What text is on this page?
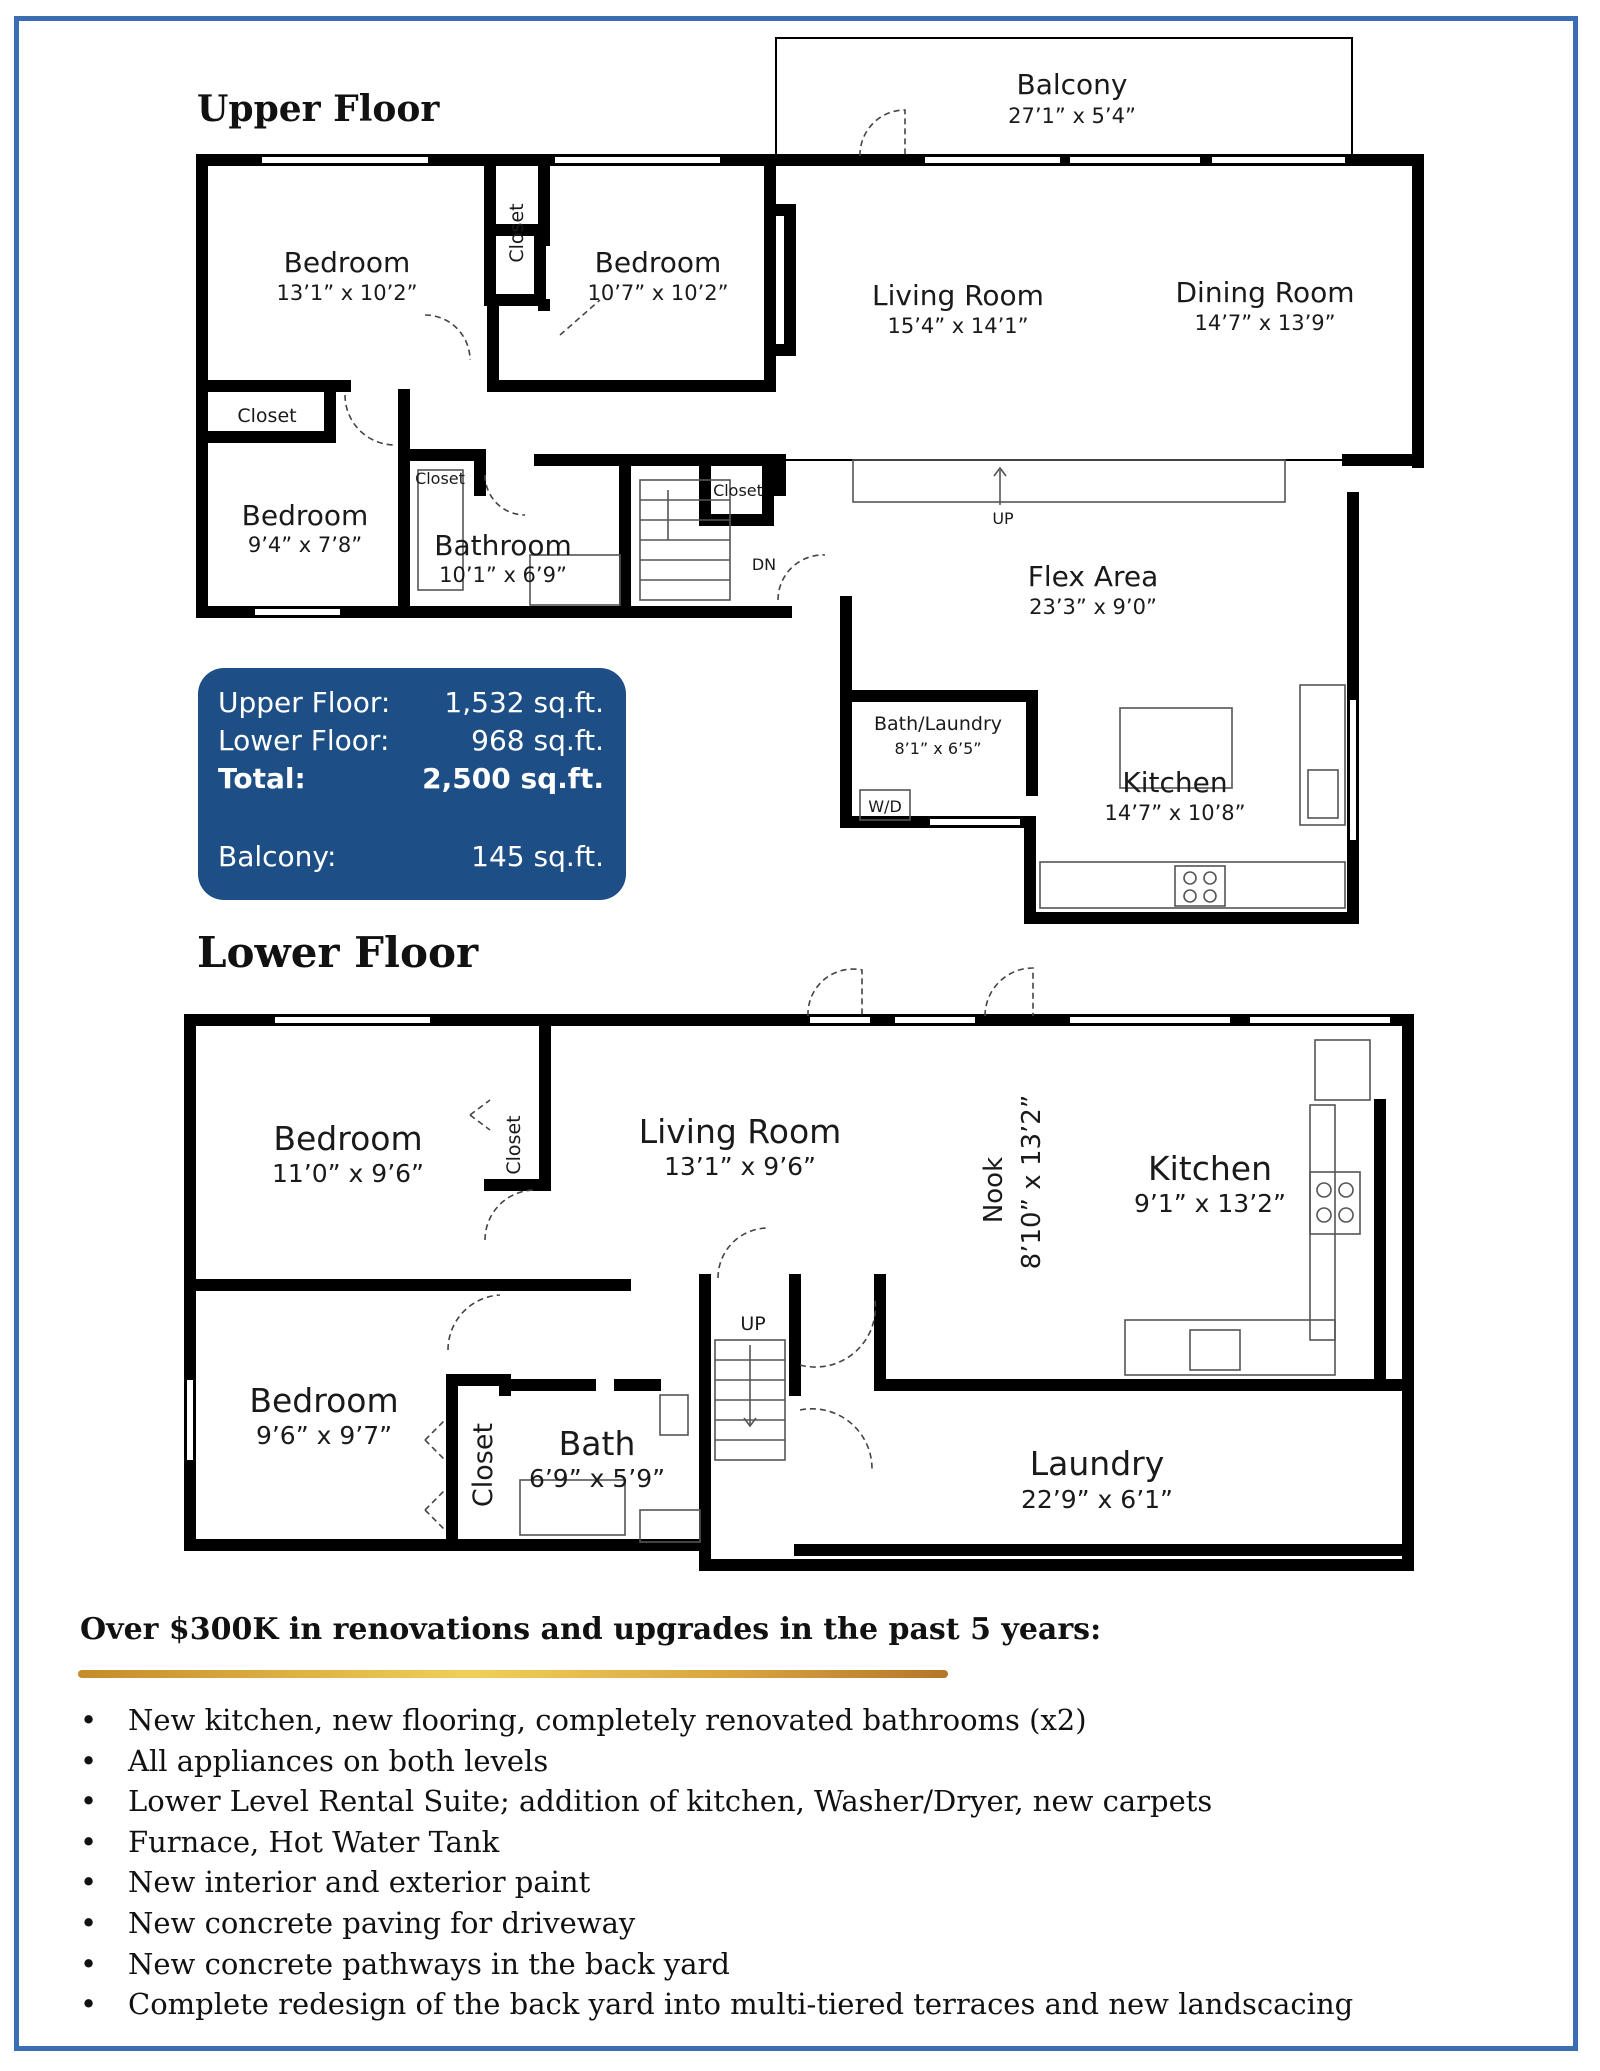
Upper Floor
Lower Floor
Balcony
27’1” x 5’4”
Bedroom
13’1” x 10’2”
Closet Bedroom
10’7” x 10’2”	Living Room
15’4” x 14’1”
Dining Room
14’7” x 13’9”
Closet
Bedroom
9’4” x 7’8”
Closet
Bathroom
10’1” x 6’9”
Closet
DN
UP
Flex Area
23’3” x 9’0”
Bath/Laundry
8’1” x 6’5”
W/D
Kitchen
14’7” x 10’8”
Bedroom
11’0” x 9’6”	Closet	Living Room
13’1” x 9’6”	Nook 8’10” x 13’2”	Kitchen
9’1” x 13’2”
UP
Bedroom
9’6” x 9’7”	Closet Bath
6’9” x 5’9”	Laundry
22’9” x 6’1”
Upper Floor: 1,532 sq.ft.
Lower Floor:	968 sq.ft.
Total:	2,500 sq.ft.
Balcony:	145 sq.ft.
Over $300K in renovations and upgrades in the past 5 years:
• New kitchen, new flooring, completely renovated bathrooms (x2)
• All appliances on both levels
• Lower Level Rental Suite; addition of kitchen, Washer/Dryer, new carpets
• Furnace, Hot Water Tank
• New interior and exterior paint
• New concrete paving for driveway
• New concrete pathways in the back yard
• Complete redesign of the back yard into multi-tiered terraces and new landscacing
